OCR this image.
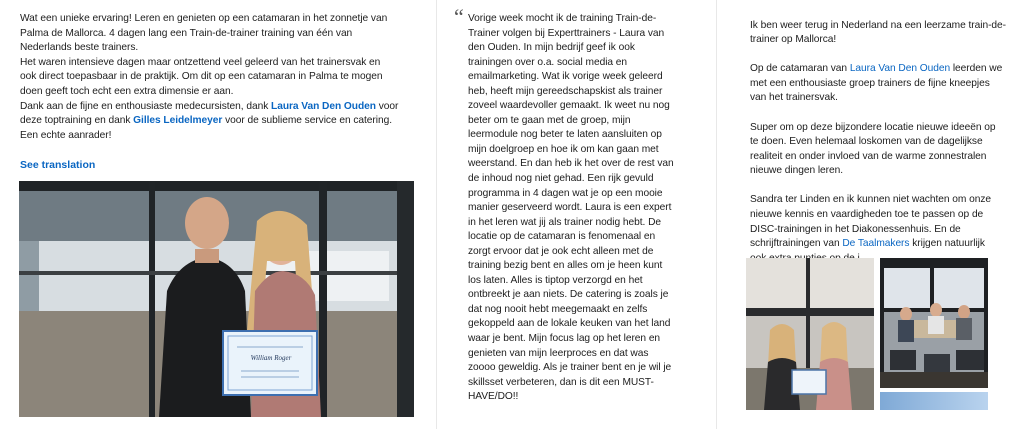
Wat een unieke ervaring! Leren en genieten op een catamaran in het zonnetje van
Palma de Mallorca. 4 dagen lang een Train-de-trainer training van één van
Nederlands beste trainers.
Het waren intensieve dagen maar ontzettend veel geleerd van het trainersvak en
ook direct toepasbaar in de praktijk. Om dit op een catamaran in Palma te mogen
doen geeft toch echt een extra dimensie er aan.
Dank aan de fijne en enthousiaste medecursisten, dank Laura Van Den Ouden voor
deze toptraining en dank Gilles Leidelmeyer voor de sublieme service en catering.
Een echte aanrader!
See translation
William Roger
“ Vorige week mocht ik de training Train-de-
Trainer volgen bij Experttrainers - Laura van
den Ouden. In mijn bedrijf geef ik ook
trainingen over o.a. social media en
emailmarketing. Wat ik vorige week geleerd
heb, heeft mijn gereedschapskist als trainer
zoveel waardevoller gemaakt. Ik weet nu nog
beter om te gaan met de groep, mijn
leermodule nog beter te laten aansluiten op
mijn doelgroep en hoe ik om kan gaan met
weerstand. En dan heb ik het over de rest van
de inhoud nog niet gehad. Een rijk gevuld
programma in 4 dagen wat je op een mooie
manier geserveerd wordt. Laura is een expert
in het leren wat jij als trainer nodig hebt. De
locatie op de catamaran is fenomenaal en
zorgt ervoor dat je ook echt alleen met de
training bezig bent en alles om je heen kunt
los laten. Alles is tiptop verzorgd en het
ontbreekt je aan niets. De catering is zoals je
dat nog nooit hebt meegemaakt en zelfs
gekoppeld aan de lokale keuken van het land
waar je bent. Mijn focus lag op het leren en
genieten van mijn leerproces en dat was
zoooo geweldig. Als je trainer bent en je wil je
skillsset verbeteren, dan is dit een MUST-
HAVE/DO!!

Ik ben weer terug in Nederland na een leerzame train-de-
trainer op Mallorca!

Op de catamaran van Laura Van Den Ouden leerden we
met een enthousiaste groep trainers de fijne kneepjes
van het trainersvak.

Super om op deze bijzondere locatie nieuwe ideeën op
te doen. Even helemaal loskomen van de dagelijkse
realiteit en onder invloed van de warme zonnestralen
nieuwe dingen leren.

Sandra ter Linden en ik kunnen niet wachten om onze
nieuwe kennis en vaardigheden toe te passen op de
DISC-trainingen in het Diakonessenhuis. En de
schrijftrainingen van De Taalmakers krijgen natuurlijk
